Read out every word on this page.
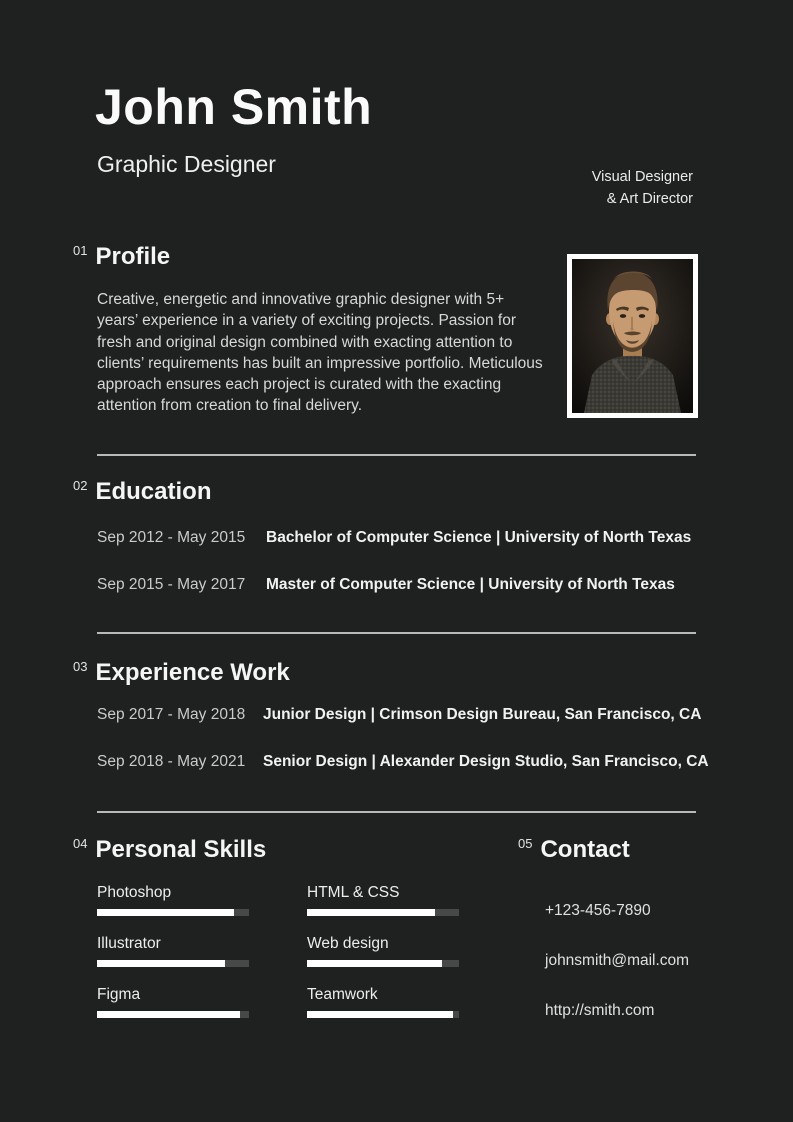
John Smith
Graphic Designer	Visual Designer
& Art Director
01 Profile
Creative, energetic and innovative graphic designer with 5+ years’ experience in a variety of exciting projects. Passion for fresh and original design combined with exacting attention to clients’ requirements has built an impressive portfolio. Meticulous approach ensures each project is curated with the exacting attention from creation to final delivery.
02 Education
Sep 2012 - May 2015	Bachelor of Computer Science | University of North Texas
Sep 2015 - May 2017	Master of Computer Science | University of North Texas
03 Experience Work
Sep 2017 - May 2018	Junior Design | Crimson Design Bureau, San Francisco, CA
Sep 2018 - May 2021	Senior Design | Alexander Design Studio, San Francisco, CA
04 Personal Skills
Photoshop
Illustrator
Figma
HTML & CSS
Web design
Teamwork
05 Contact
+123-456-7890
johnsmith@mail.com
http://smith.com
